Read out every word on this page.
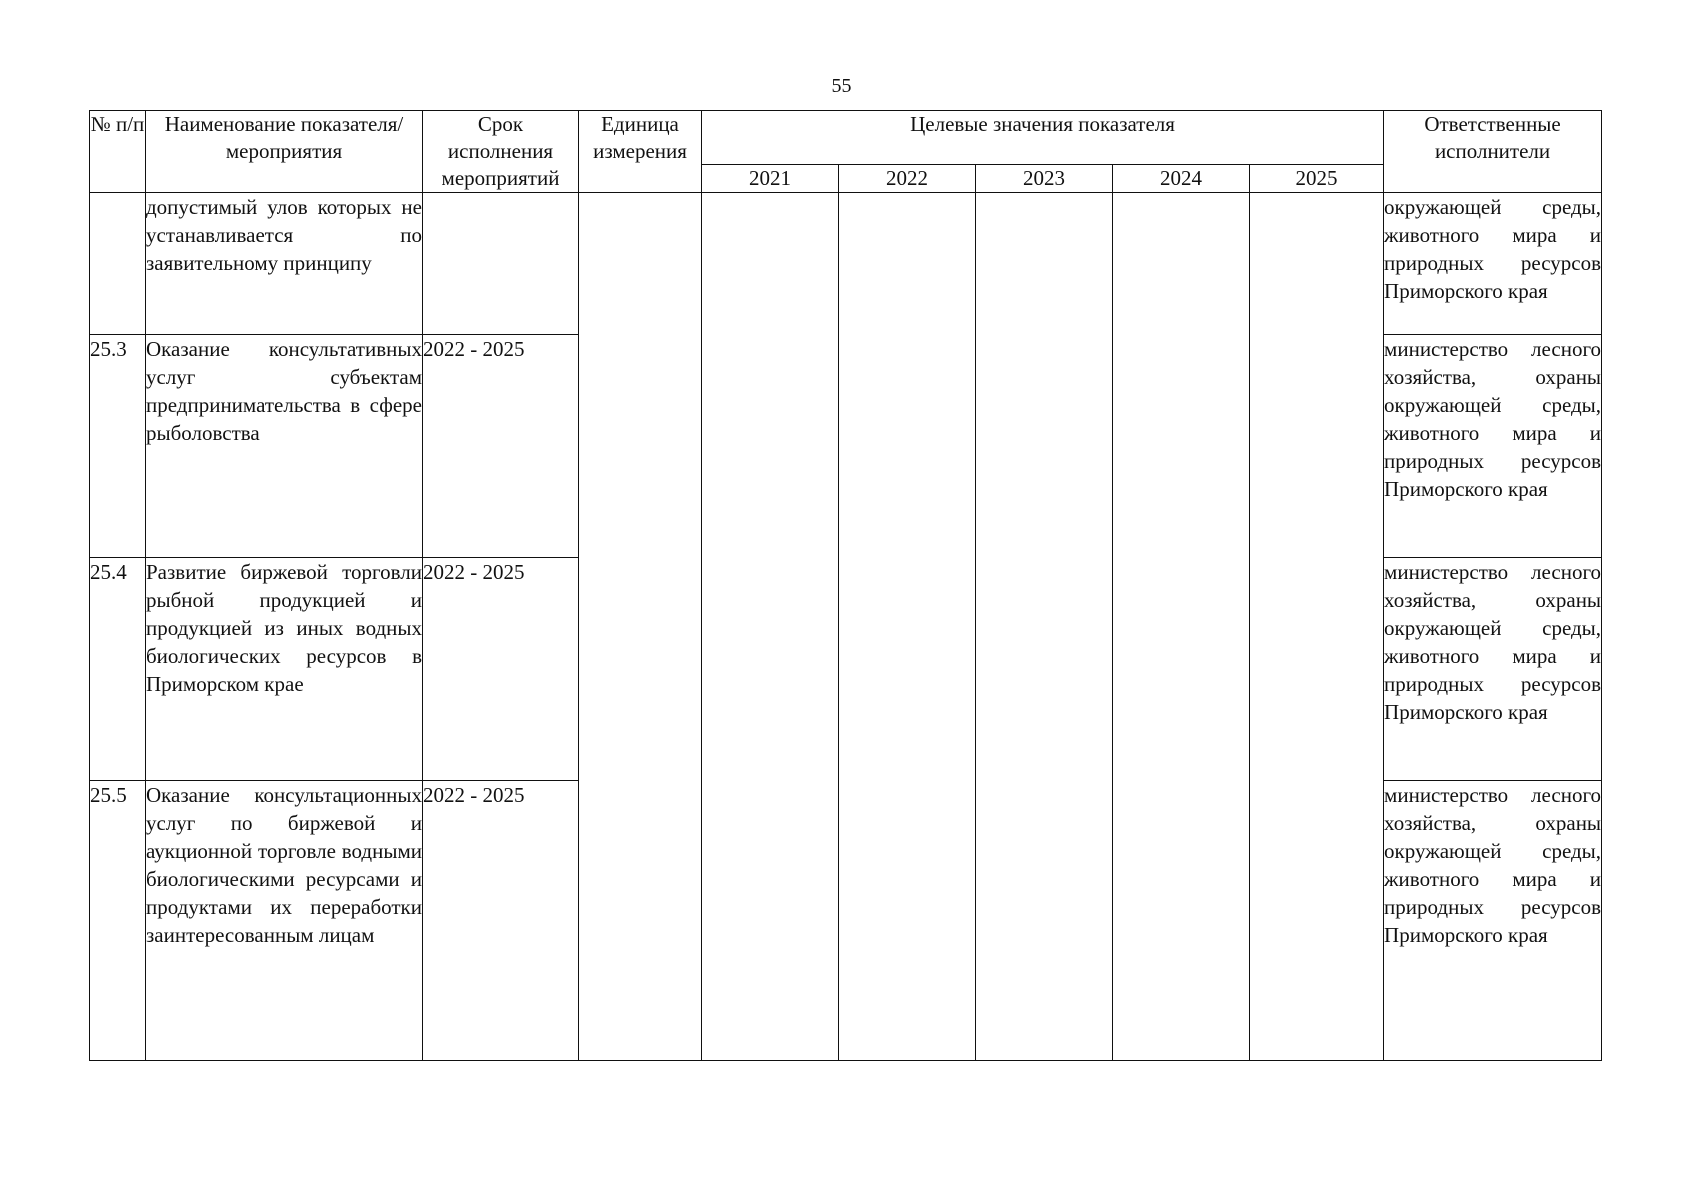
55
№ п/п	Наименование показателя/мероприятия	Срок исполнения мероприятий	Единица измерения	Целевые значения показателя					Ответственные исполнители
				2021	2022	2023	2024	2025	
	допустимый улов которых не устанавливается по заявительному принципу								окружающей среды, животного мира и природных ресурсов Приморского края
25.3	Оказание консультативных услуг субъектам предпринимательства в сфере рыболовства	2022 - 2025							министерство лесного хозяйства, охраны окружающей среды, животного мира и природных ресурсов Приморского края
25.4	Развитие биржевой торговли рыбной продукцией и продукцией из иных водных биологических ресурсов в Приморском крае	2022 - 2025							министерство лесного хозяйства, охраны окружающей среды, животного мира и природных ресурсов Приморского края
25.5	Оказание консультационных услуг по биржевой и аукционной торговле водными биологическими ресурсами и продуктами их переработки заинтересованным лицам	2022 - 2025							министерство лесного хозяйства, охраны окружающей среды, животного мира и природных ресурсов Приморского края
